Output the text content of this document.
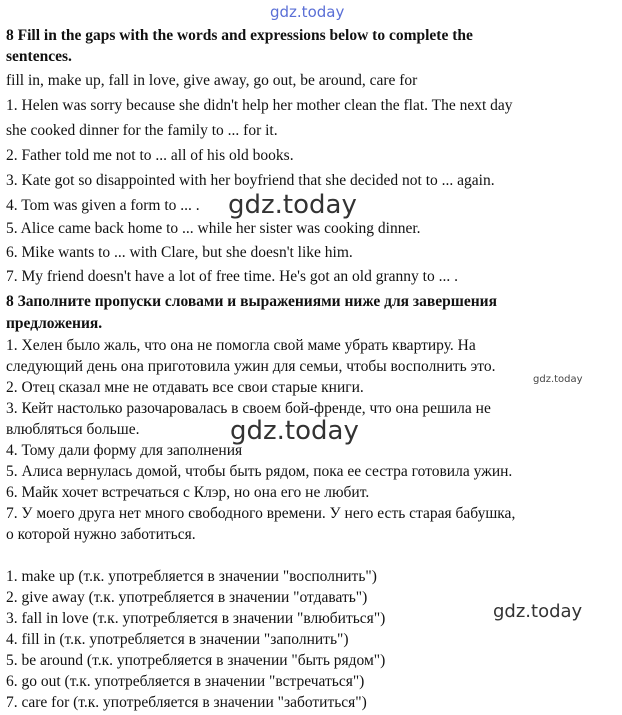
gdz.today
8 Fill in the gaps with the words and expressions below to complete the
sentences.
fill in, make up, fall in love, give away, go out, be around, care for
1. Helen was sorry because she didn't help her mother clean the flat. The next day
she cooked dinner for the family to ... for it.
2. Father told me not to ... all of his old books.
3. Kate got so disappointed with her boyfriend that she decided not to ... again.
4. Tom was given a form to ... .
5. Alice came back home to ... while her sister was cooking dinner.
6. Mike wants to ... with Clare, but she doesn't like him.
7. My friend doesn't have a lot of free time. He's got an old granny to ... .
8 Заполните пропуски словами и выражениями ниже для завершения
предложения.
1. Хелен было жаль, что она не помогла свой маме убрать квартиру. На
следующий день она приготовила ужин для семьи, чтобы восполнить это.
2. Отец сказал мне не отдавать все свои старые книги.
3. Кейт настолько разочаровалась в своем бой-френде, что она решила не
влюбляться больше.
4. Тому дали форму для заполнения
5. Алиса вернулась домой, чтобы быть рядом, пока ее сестра готовила ужин.
6. Майк хочет встречаться с Клэр, но она его не любит.
7. У моего друга нет много свободного времени. У него есть старая бабушка,
о которой нужно заботиться.
1. make up (т.к. употребляется в значении "восполнить")
2. give away (т.к. употребляется в значении "отдавать")
3. fall in love (т.к. употребляется в значении "влюбиться")
4. fill in (т.к. употребляется в значении "заполнить")
5. be around (т.к. употребляется в значении "быть рядом")
6. go out (т.к. употребляется в значении "встречаться")
7. care for (т.к. употребляется в значении "заботиться")
gdz.today
gdz.today
gdz.today
gdz.today
